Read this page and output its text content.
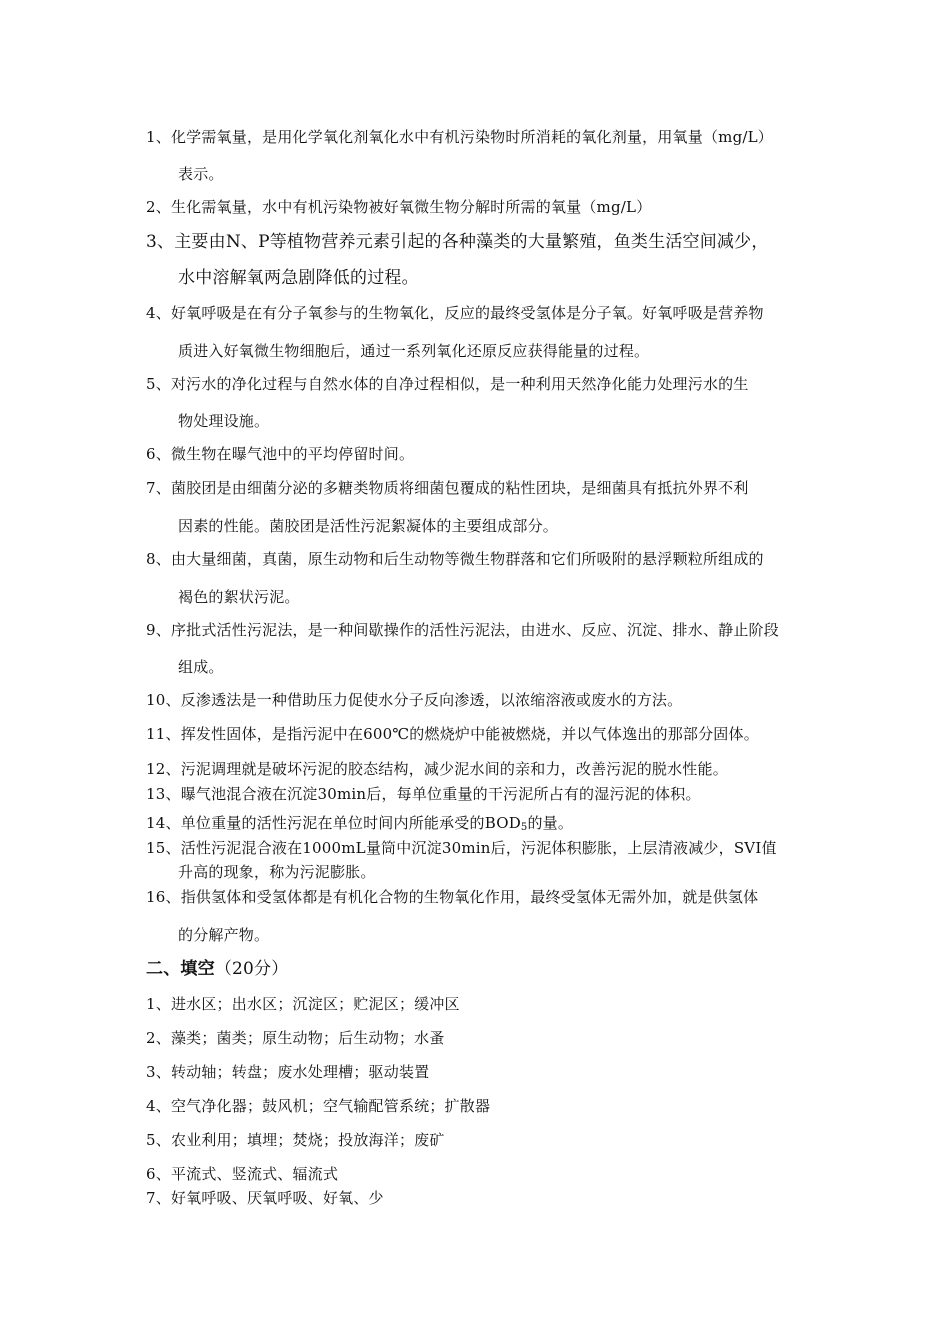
1、化学需氧量，是用化学氧化剂氧化水中有机污染物时所消耗的氧化剂量，用氧量（mg/L）
表示。
2、生化需氧量，水中有机污染物被好氧微生物分解时所需的氧量（mg/L）
3、主要由N、P等植物营养元素引起的各种藻类的大量繁殖，鱼类生活空间减少，
水中溶解氧两急剧降低的过程。
4、好氧呼吸是在有分子氧参与的生物氧化，反应的最终受氢体是分子氧。好氧呼吸是营养物
质进入好氧微生物细胞后，通过一系列氧化还原反应获得能量的过程。
5、对污水的净化过程与自然水体的自净过程相似，是一种利用天然净化能力处理污水的生
物处理设施。
6、微生物在曝气池中的平均停留时间。
7、菌胶团是由细菌分泌的多糖类物质将细菌包覆成的粘性团块，是细菌具有抵抗外界不利
因素的性能。菌胶团是活性污泥絮凝体的主要组成部分。
8、由大量细菌，真菌，原生动物和后生动物等微生物群落和它们所吸附的悬浮颗粒所组成的
褐色的絮状污泥。
9、序批式活性污泥法，是一种间歇操作的活性污泥法，由进水、反应、沉淀、排水、静止阶段
组成。
10、反渗透法是一种借助压力促使水分子反向渗透，以浓缩溶液或废水的方法。
11、挥发性固体，是指污泥中在600℃的燃烧炉中能被燃烧，并以气体逸出的那部分固体。
12、污泥调理就是破坏污泥的胶态结构，减少泥水间的亲和力，改善污泥的脱水性能。
13、曝气池混合液在沉淀30min后，每单位重量的干污泥所占有的湿污泥的体积。
14、单位重量的活性污泥在单位时间内所能承受的$BOD_5$的量。
15、活性污泥混合液在1000mL量筒中沉淀30min后，污泥体积膨胀，上层清液减少，SVI值
升高的现象，称为污泥膨胀。
16、指供氢体和受氢体都是有机化合物的生物氧化作用，最终受氢体无需外加，就是供氢体
的分解产物。
二、填空（20分）
1、进水区；出水区；沉淀区；贮泥区；缓冲区
2、藻类；菌类；原生动物；后生动物；水蚤
3、转动轴；转盘；废水处理槽；驱动装置
4、空气净化器；鼓风机；空气输配管系统；扩散器
5、农业利用；填埋；焚烧；投放海洋；废矿
6、平流式、竖流式、辐流式
7、好氧呼吸、厌氧呼吸、好氧、少
